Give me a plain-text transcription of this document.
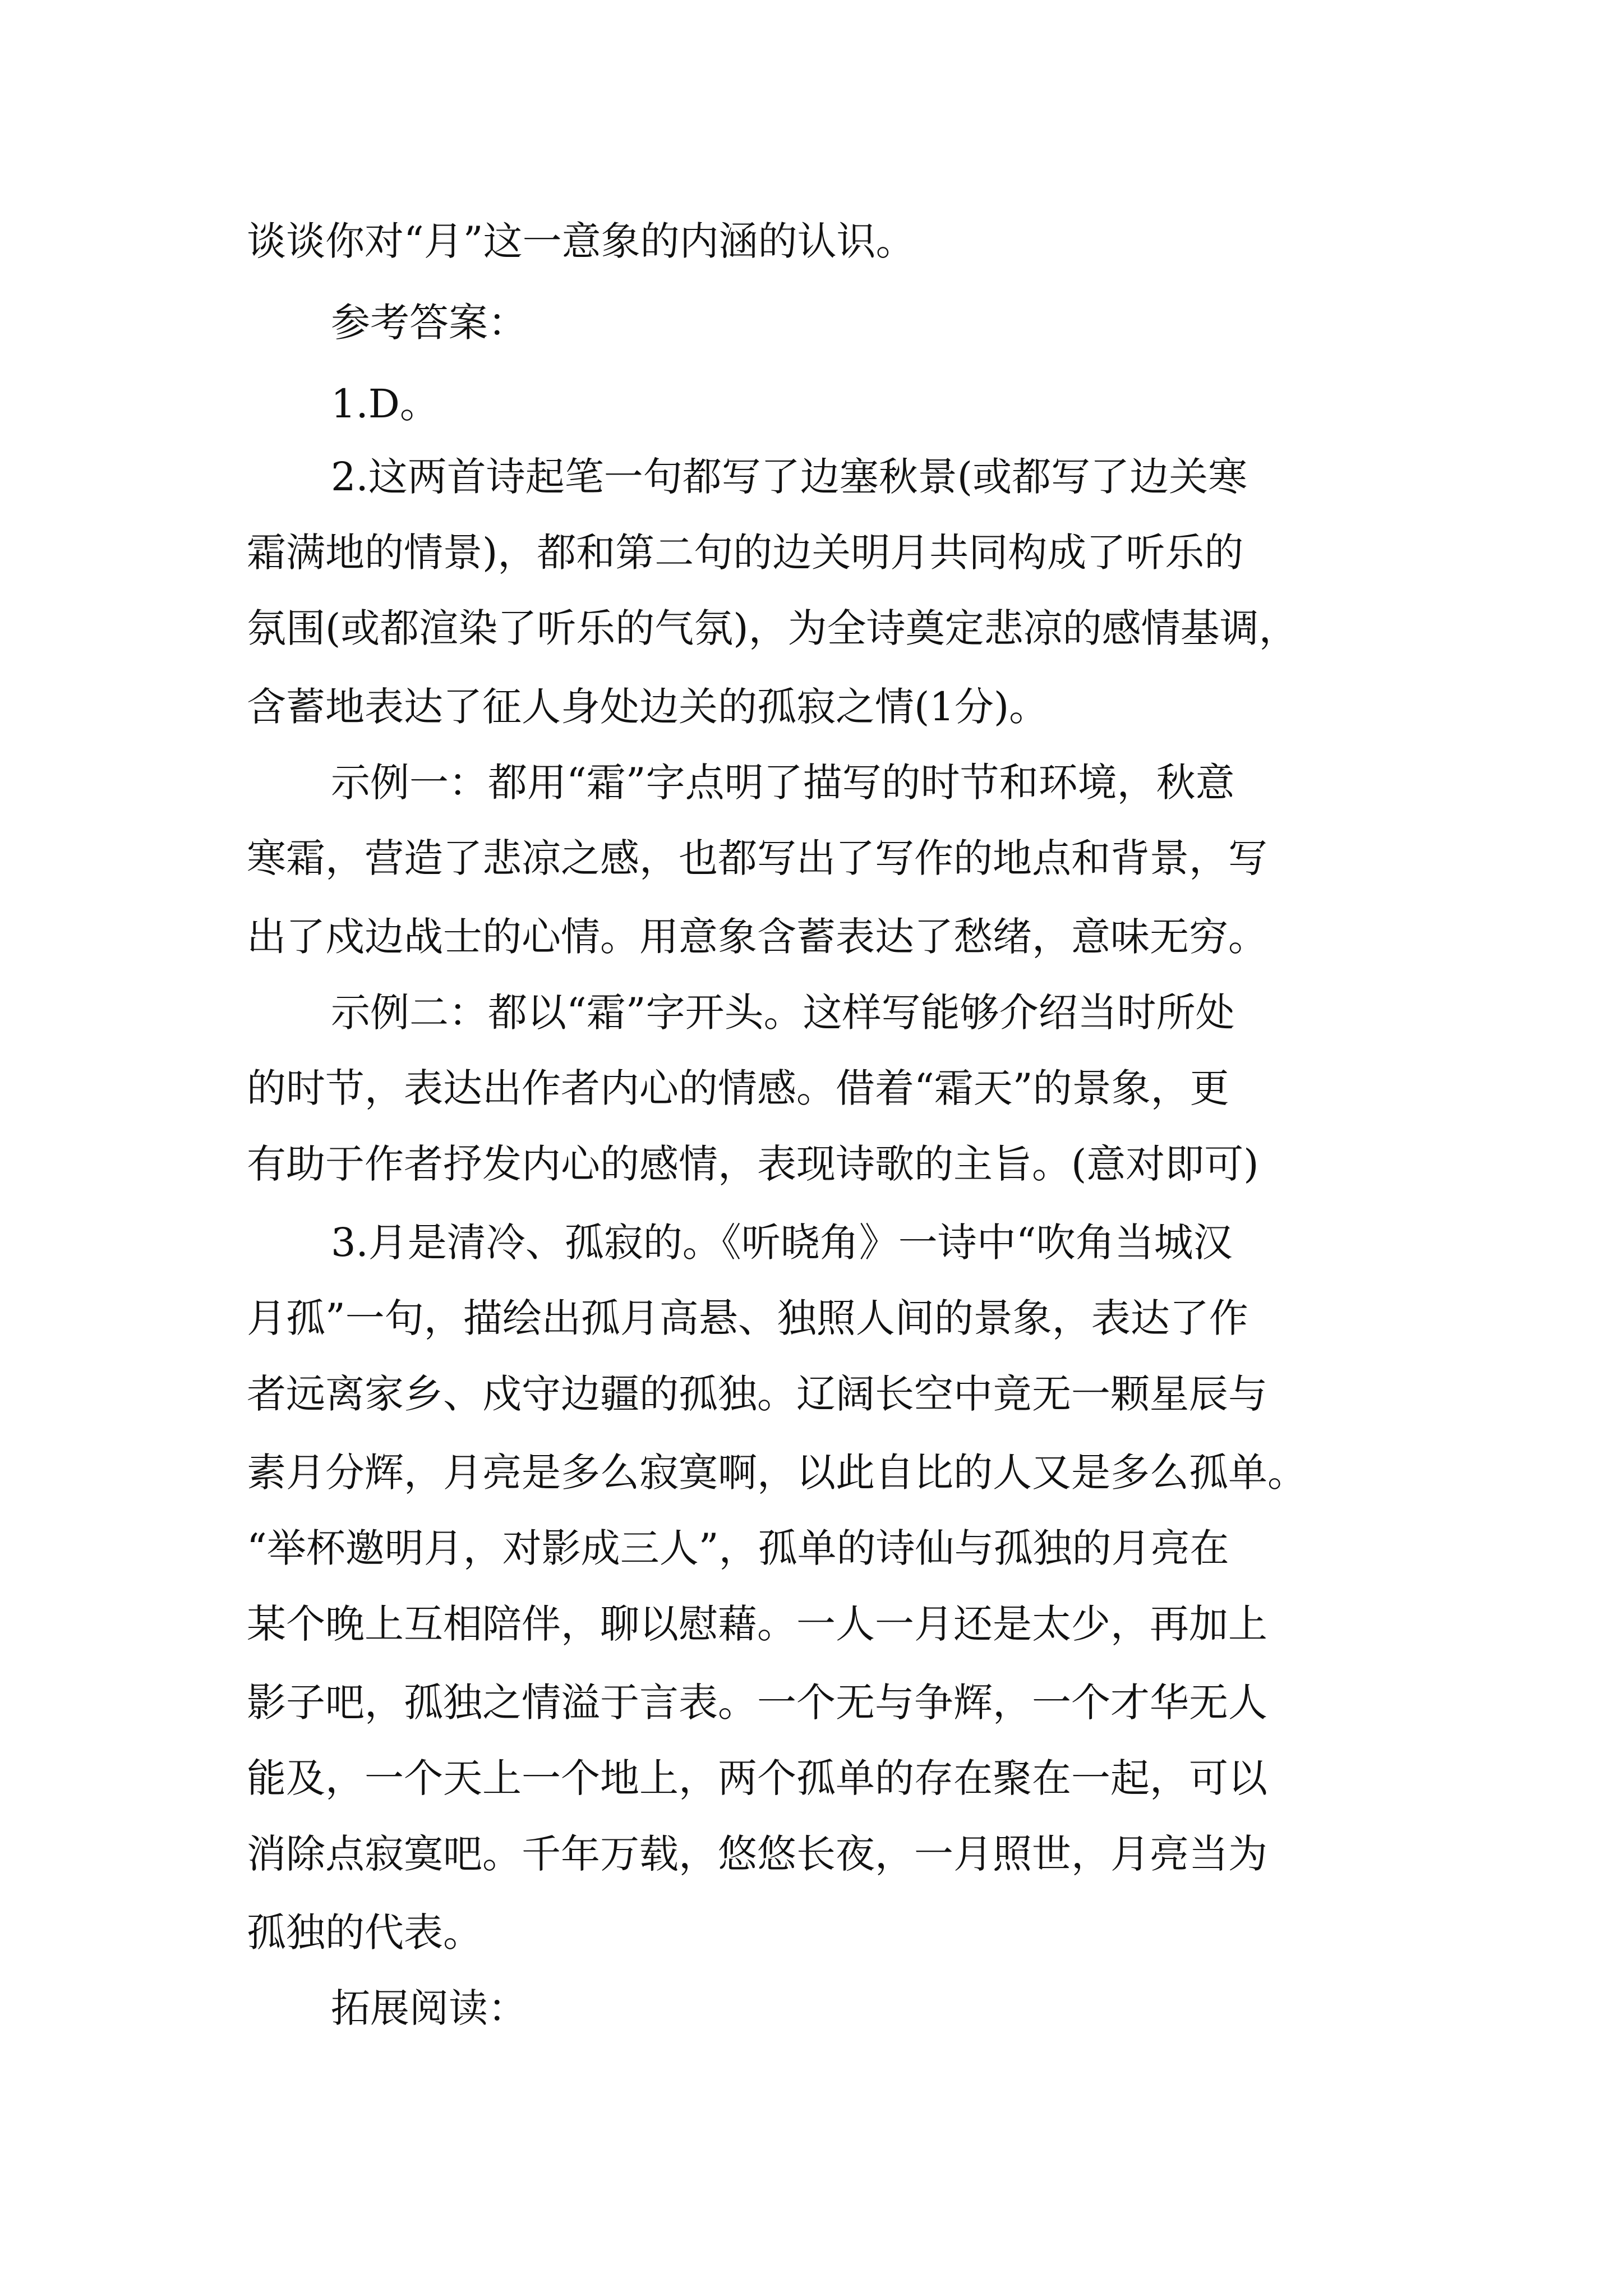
谈谈你对“月”这一意象的内涵的认识。

参考答案：

1.D。

2.这两首诗起笔一句都写了边塞秋景(或都写了边关寒

霜满地的情景)，都和第二句的边关明月共同构成了听乐的

氛围(或都渲染了听乐的气氛)，为全诗奠定悲凉的感情基调，

含蓄地表达了征人身处边关的孤寂之情(1分)。

示例一：都用“霜”字点明了描写的时节和环境，秋意

寒霜，营造了悲凉之感，也都写出了写作的地点和背景，写

出了戍边战士的心情。用意象含蓄表达了愁绪，意味无穷。

示例二：都以“霜”字开头。这样写能够介绍当时所处

的时节，表达出作者内心的情感。借着“霜天”的景象，更

有助于作者抒发内心的感情，表现诗歌的主旨。(意对即可)

3.月是清冷、孤寂的。《听晓角》一诗中“吹角当城汉

月孤”一句，描绘出孤月高悬、独照人间的景象，表达了作

者远离家乡、戍守边疆的孤独。辽阔长空中竟无一颗星辰与

素月分辉，月亮是多么寂寞啊，以此自比的人又是多么孤单。

“举杯邀明月，对影成三人”，孤单的诗仙与孤独的月亮在

某个晚上互相陪伴，聊以慰藉。一人一月还是太少，再加上

影子吧，孤独之情溢于言表。一个无与争辉，一个才华无人

能及，一个天上一个地上，两个孤单的存在聚在一起，可以

消除点寂寞吧。千年万载，悠悠长夜，一月照世，月亮当为

孤独的代表。

拓展阅读：
